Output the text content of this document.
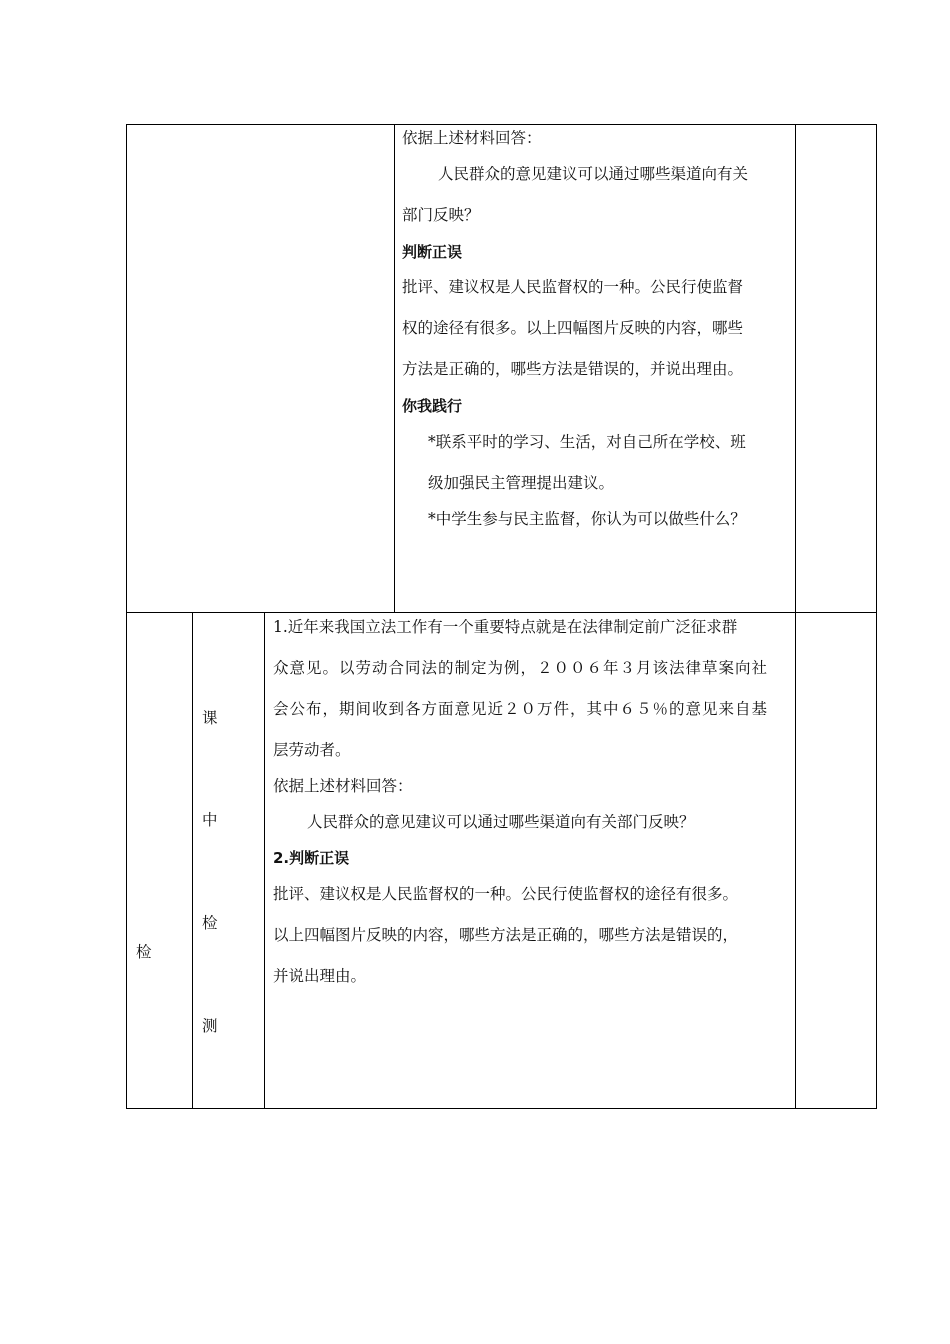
依据上述材料回答：
人民群众的意见建议可以通过哪些渠道向有关
部门反映？
判断正误
批评、建议权是人民监督权的一种。公民行使监督
权的途径有很多。以上四幅图片反映的内容，哪些
方法是正确的，哪些方法是错误的，并说出理由。
你我践行
*联系平时的学习、生活，对自己所在学校、班
级加强民主管理提出建议。
*中学生参与民主监督，你认为可以做些什么？
检
课
中
检
测
1.近年来我国立法工作有一个重要特点就是在法律制定前广泛征求群
众意见。以劳动合同法的制定为例，２００６年３月该法律草案向社
会公布，期间收到各方面意见近２０万件，其中６５％的意见来自基
层劳动者。
依据上述材料回答：
人民群众的意见建议可以通过哪些渠道向有关部门反映？
2.判断正误
批评、建议权是人民监督权的一种。公民行使监督权的途径有很多。
以上四幅图片反映的内容，哪些方法是正确的，哪些方法是错误的，
并说出理由。
